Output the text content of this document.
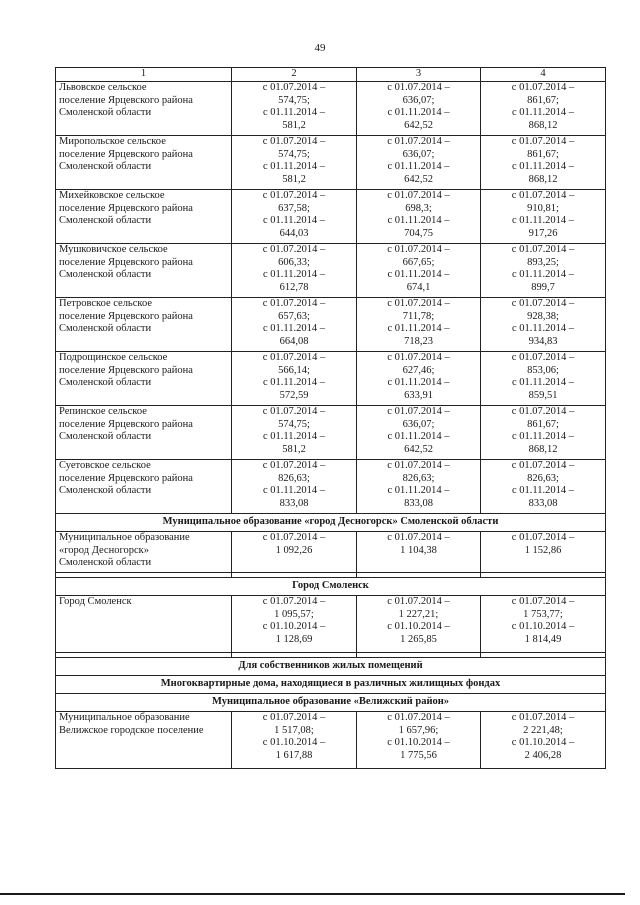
49
1	2	3	4

Львовское сельское
поселение Ярцевского района
Смоленской области	с 01.07.2014 –
574,75;
с 01.11.2014 –
581,2	с 01.07.2014 –
636,07;
с 01.11.2014 –
642,52	с 01.07.2014 –
861,67;
с 01.11.2014 –
868,12

Миропольское сельское
поселение Ярцевского района
Смоленской области	с 01.07.2014 –
574,75;
с 01.11.2014 –
581,2	с 01.07.2014 –
636,07;
с 01.11.2014 –
642,52	с 01.07.2014 –
861,67;
с 01.11.2014 –
868,12

Михейковское сельское
поселение Ярцевского района
Смоленской области	с 01.07.2014 –
637,58;
с 01.11.2014 –
644,03	с 01.07.2014 –
698,3;
с 01.11.2014 –
704,75	с 01.07.2014 –
910,81;
с 01.11.2014 –
917,26

Мушковичское сельское
поселение Ярцевского района
Смоленской области	с 01.07.2014 –
606,33;
с 01.11.2014 –
612,78	с 01.07.2014 –
667,65;
с 01.11.2014 –
674,1	с 01.07.2014 –
893,25;
с 01.11.2014 –
899,7

Петровское сельское
поселение Ярцевского района
Смоленской области	с 01.07.2014 –
657,63;
с 01.11.2014 –
664,08	с 01.07.2014 –
711,78;
с 01.11.2014 –
718,23	с 01.07.2014 –
928,38;
с 01.11.2014 –
934,83

Подрощинское сельское
поселение Ярцевского района
Смоленской области	с 01.07.2014 –
566,14;
с 01.11.2014 –
572,59	с 01.07.2014 –
627,46;
с 01.11.2014 –
633,91	с 01.07.2014 –
853,06;
с 01.11.2014 –
859,51

Репинское сельское
поселение Ярцевского района
Смоленской области	с 01.07.2014 –
574,75;
с 01.11.2014 –
581,2	с 01.07.2014 –
636,07;
с 01.11.2014 –
642,52	с 01.07.2014 –
861,67;
с 01.11.2014 –
868,12

Суетовское сельское
поселение Ярцевского района
Смоленской области	с 01.07.2014 –
826,63;
с 01.11.2014 –
833,08	с 01.07.2014 –
826,63;
с 01.11.2014 –
833,08	с 01.07.2014 –
826,63;
с 01.11.2014 –
833,08

Муниципальное образование «город Десногорск» Смоленской области			

Муниципальное образование
«город Десногорск»
Смоленской области	с 01.07.2014 –
1 092,26	с 01.07.2014 –
1 104,38	с 01.07.2014 –
1 152,86

Город Смоленск			

Город Смоленск	с 01.07.2014 –
1 095,57;
с 01.10.2014 –
1 128,69	с 01.07.2014 –
1 227,21;
с 01.10.2014 –
1 265,85	с 01.07.2014 –
1 753,77;
с 01.10.2014 –
1 814,49

Для собственников жилых помещений			
Многоквартирные дома, находящиеся в различных жилищных фондах			
Муниципальное образование «Велижский район»			

Муниципальное образование
Велижское городское поселение	с 01.07.2014 –
1 517,08;
с 01.10.2014 –
1 617,88	с 01.07.2014 –
1 657,96;
с 01.10.2014 –
1 775,56	с 01.07.2014 –
2 221,48;
с 01.10.2014 –
2 406,28
